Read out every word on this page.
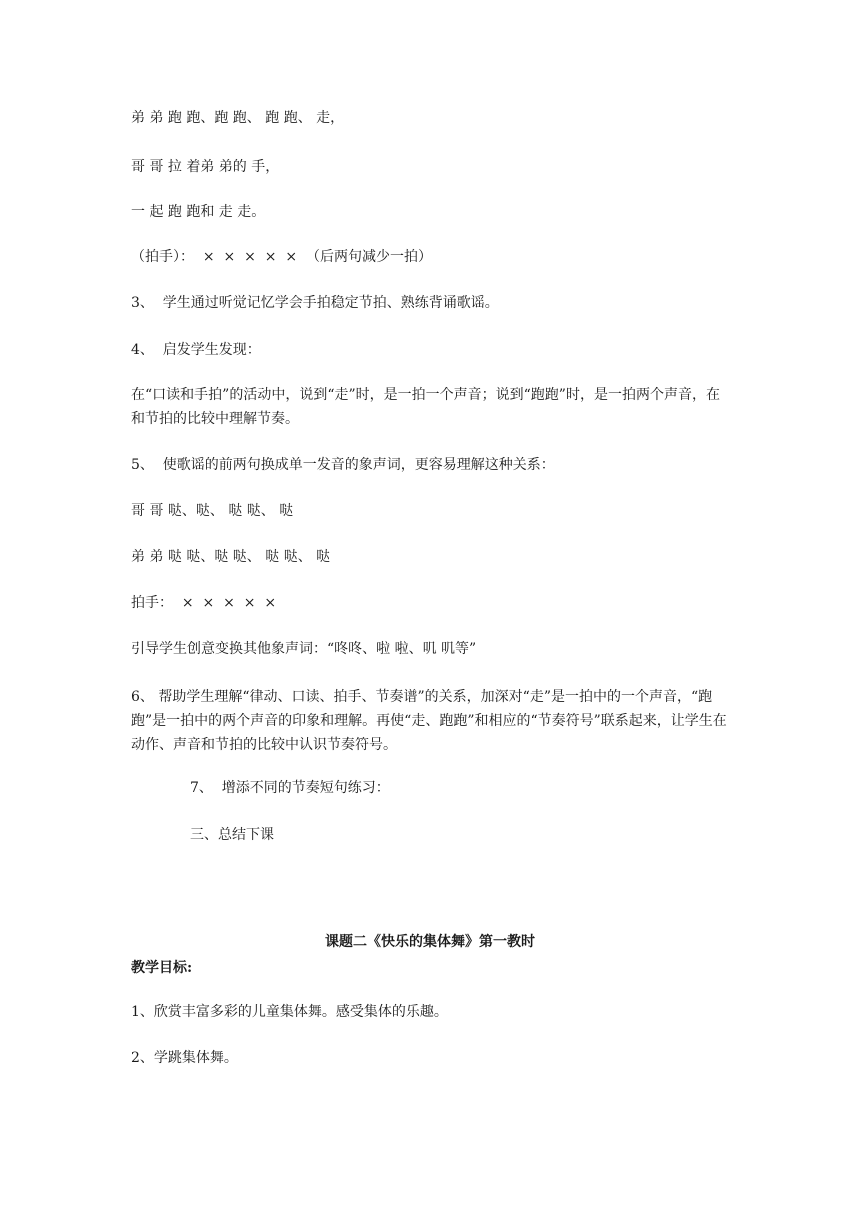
弟 弟 跑 跑、跑 跑、 跑 跑、 走，
哥 哥 拉 着弟 弟的 手，
一 起 跑 跑和 走 走。
（拍手）：  ×  ×  ×  ×  ×  （后两句减少一拍）
3、  学生通过听觉记忆学会手拍稳定节拍、熟练背诵歌谣。
4、  启发学生发现：
在“口读和手拍”的活动中，说到“走”时，是一拍一个声音；说到“跑跑”时，是一拍两个声音，在和节拍的比较中理解节奏。
5、  使歌谣的前两句换成单一发音的象声词，更容易理解这种关系：
哥 哥 哒、哒、 哒 哒、 哒
弟 弟 哒 哒、哒 哒、 哒 哒、 哒
拍手：  ×  ×  ×  ×  ×
引导学生创意变换其他象声词：“咚咚、啦 啦、叽 叽等”
6、 帮助学生理解“律动、口读、拍手、节奏谱”的关系，加深对“走”是一拍中的一个声音，“跑跑”是一拍中的两个声音的印象和理解。再使“走、跑跑”和相应的“节奏符号”联系起来，让学生在动作、声音和节拍的比较中认识节奏符号。
7、  增添不同的节奏短句练习：
三、总结下课
课题二《快乐的集体舞》第一教时
教学目标:
1、欣赏丰富多彩的儿童集体舞。感受集体的乐趣。
2、学跳集体舞。
